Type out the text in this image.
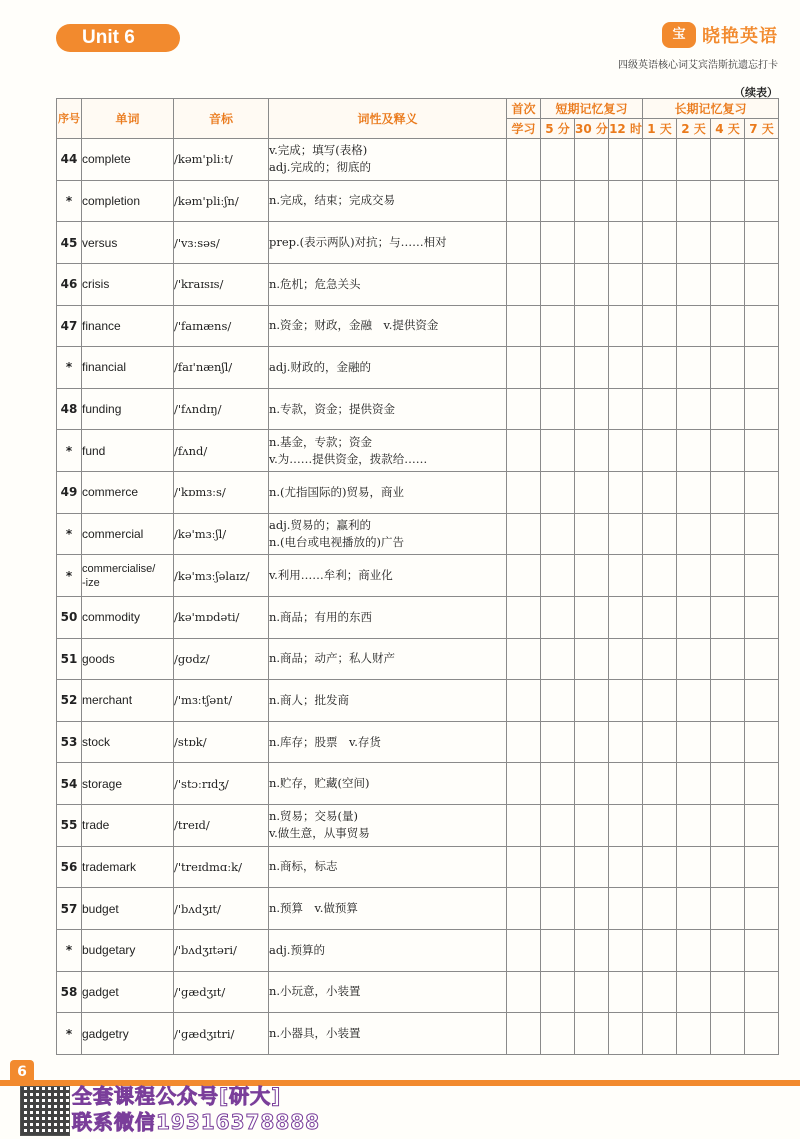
Unit 6	宝 晓艳英语
四级英语核心词艾宾浩斯抗遗忘打卡
（续表）
序号	单词	音标	词性及释义	首次	短期记忆复习			长期记忆复习			
				学习	5 分	30 分	12 时	1 天	2 天	4 天	7 天
44	complete	/kəm'pliːt/	v.完成；填写(表格)
adj.完成的；彻底的								

*	completion	/kəm'pliːʃn/	n.完成，结束；完成交易								

45	versus	/'vɜːsəs/	prep.(表示两队)对抗；与……相对								

46	crisis	/'kraɪsɪs/	n.危机；危急关头								

47	finance	/'faɪnæns/	n.资金；财政，金融　v.提供资金								

*	financial	/faɪ'nænʃl/	adj.财政的，金融的								

48	funding	/'fʌndɪŋ/	n.专款，资金；提供资金								

*	fund	/fʌnd/	n.基金，专款；资金
v.为……提供资金，拨款给……								

49	commerce	/'kɒmɜːs/	n.(尤指国际的)贸易，商业								

*	commercial	/kə'mɜːʃl/	adj.贸易的；赢利的
n.(电台或电视播放的)广告								

*	commercialise/
-ize	/kə'mɜːʃəlaɪz/	v.利用……牟利；商业化								

50	commodity	/kə'mɒdəti/	n.商品；有用的东西								

51	goods	/gʊdz/	n.商品；动产；私人财产								

52	merchant	/'mɜːtʃənt/	n.商人；批发商								

53	stock	/stɒk/	n.库存；股票　v.存货								

54	storage	/'stɔːrɪdʒ/	n.贮存，贮藏(空间)								

55	trade	/treɪd/	n.贸易；交易(量)
v.做生意，从事贸易								

56	trademark	/'treɪdmɑːk/	n.商标，标志								

57	budget	/'bʌdʒɪt/	n.预算　v.做预算								

*	budgetary	/'bʌdʒɪtəri/	adj.预算的								

58	gadget	/'gædʒɪt/	n.小玩意，小装置								

*	gadgetry	/'gædʒɪtri/	n.小器具，小装置								

6
全套课程公众号[研大]
联系微信19316378888
